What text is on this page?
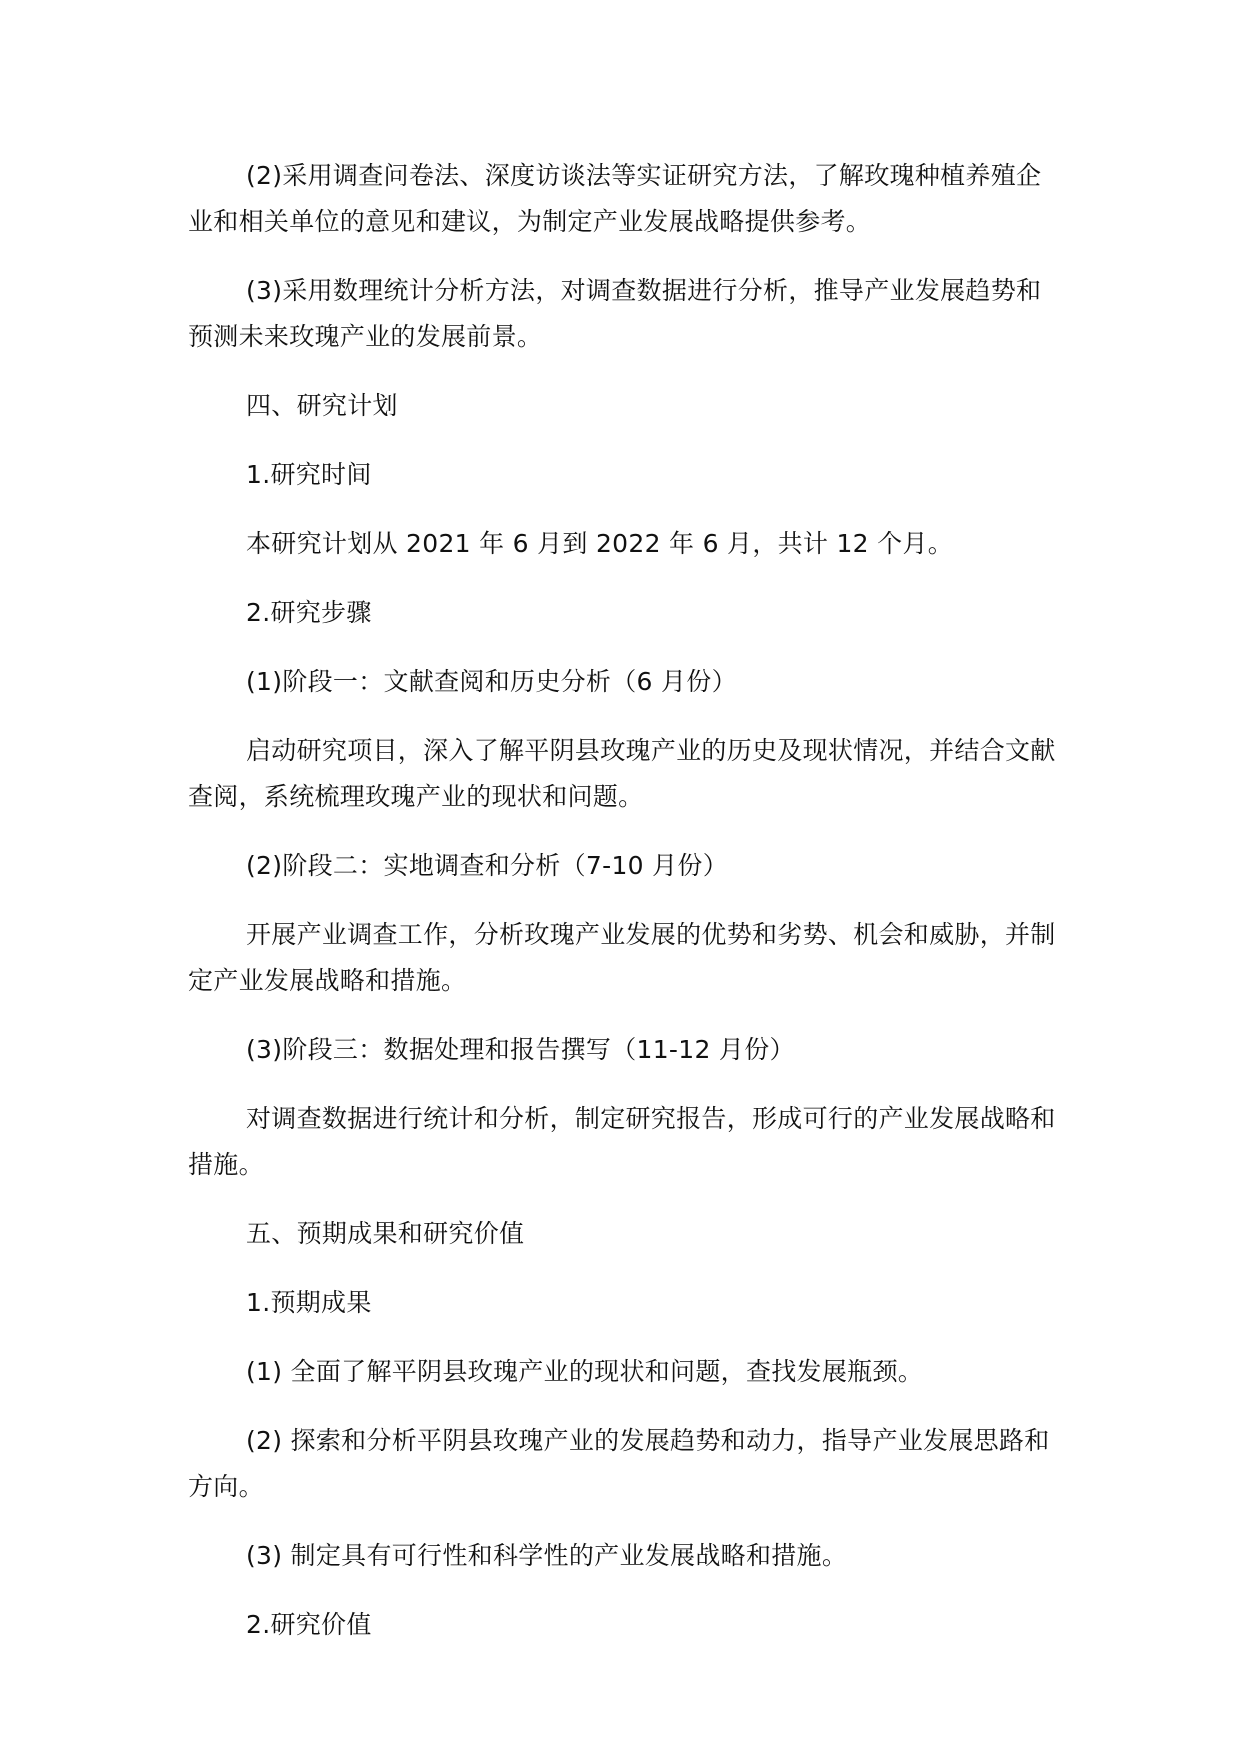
(2)采用调查问卷法、深度访谈法等实证研究方法，了解玫瑰种植养殖企业和相关单位的意见和建议，为制定产业发展战略提供参考。

(3)采用数理统计分析方法，对调查数据进行分析，推导产业发展趋势和预测未来玫瑰产业的发展前景。

四、研究计划

1.研究时间

本研究计划从 2021 年 6 月到 2022 年 6 月，共计 12 个月。

2.研究步骤

(1)阶段一：文献查阅和历史分析（6 月份）

启动研究项目，深入了解平阴县玫瑰产业的历史及现状情况，并结合文献查阅，系统梳理玫瑰产业的现状和问题。

(2)阶段二：实地调查和分析（7-10 月份）

开展产业调查工作，分析玫瑰产业发展的优势和劣势、机会和威胁，并制定产业发展战略和措施。

(3)阶段三：数据处理和报告撰写（11-12 月份）

对调查数据进行统计和分析，制定研究报告，形成可行的产业发展战略和措施。

五、预期成果和研究价值

1.预期成果

(1) 全面了解平阴县玫瑰产业的现状和问题，查找发展瓶颈。

(2) 探索和分析平阴县玫瑰产业的发展趋势和动力，指导产业发展思路和方向。

(3) 制定具有可行性和科学性的产业发展战略和措施。

2.研究价值
